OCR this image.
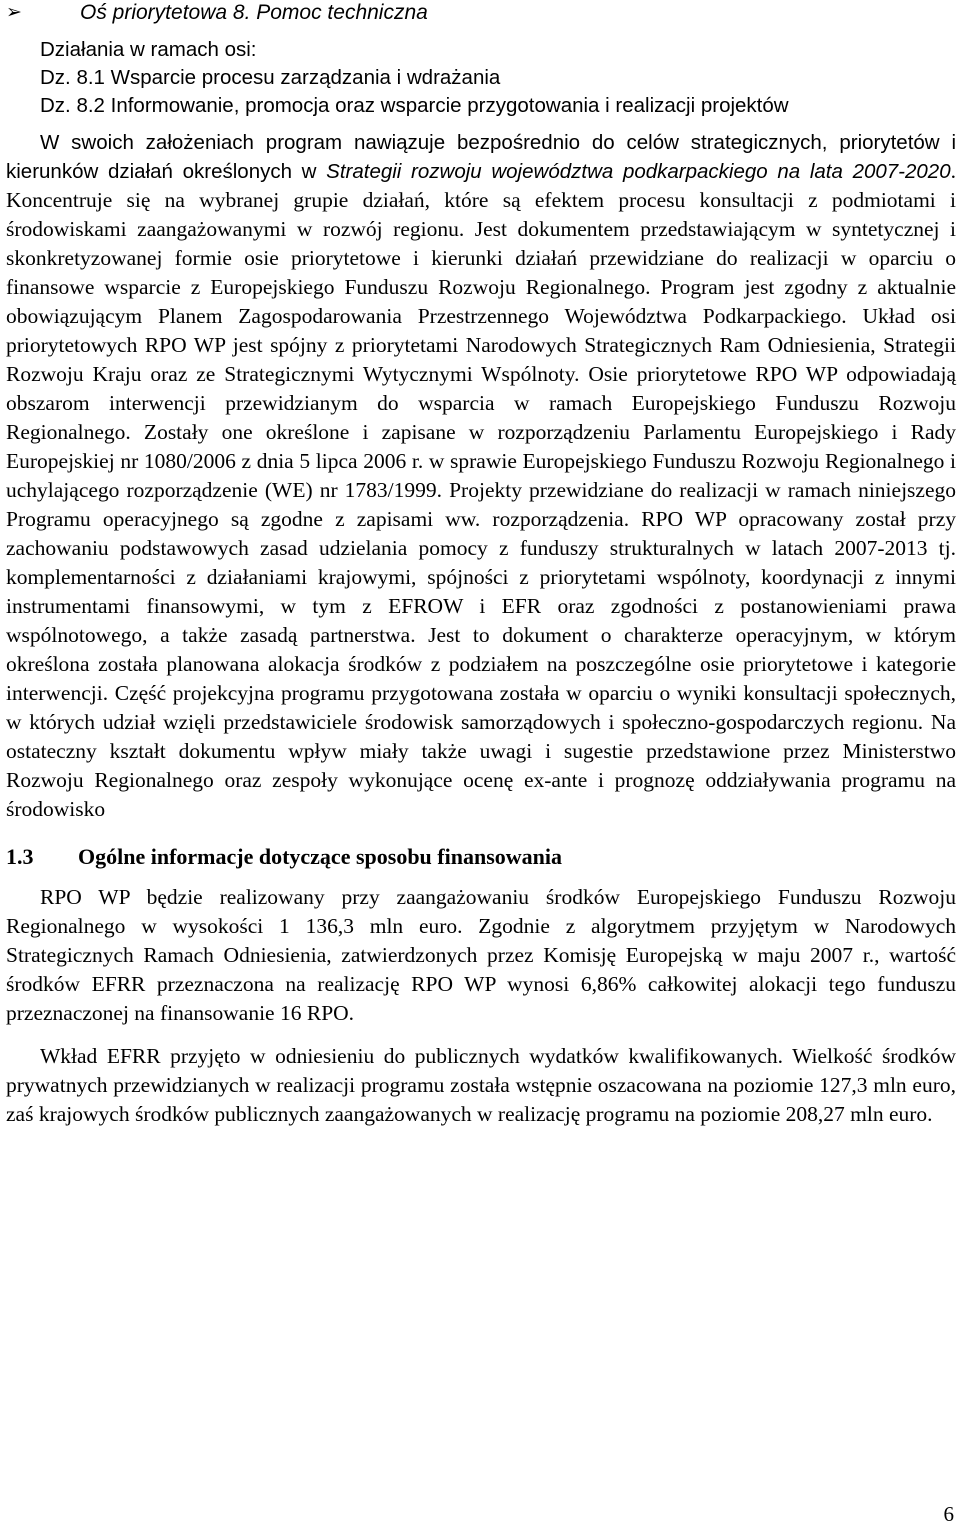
➢	Oś priorytetowa 8. Pomoc techniczna
Działania w ramach osi:
Dz. 8.1 Wsparcie procesu zarządzania i wdrażania
Dz. 8.2 Informowanie, promocja oraz wsparcie przygotowania i realizacji projektów

W swoich założeniach program nawiązuje bezpośrednio do celów strategicznych, priorytetów i kierunków działań określonych w Strategii rozwoju województwa podkarpackiego na lata 2007-2020. Koncentruje się na wybranej grupie działań, które są efektem procesu konsultacji z podmiotami i środowiskami zaangażowanymi w rozwój regionu. Jest dokumentem przedstawiającym w syntetycznej i skonkretyzowanej formie osie priorytetowe i kierunki działań przewidziane do realizacji w oparciu o finansowe wsparcie z Europejskiego Funduszu Rozwoju Regionalnego. Program jest zgodny z aktualnie obowiązującym Planem Zagospodarowania Przestrzennego Województwa Podkarpackiego. Układ osi priorytetowych RPO WP jest spójny z priorytetami Narodowych Strategicznych Ram Odniesienia, Strategii Rozwoju Kraju oraz ze Strategicznymi Wytycznymi Wspólnoty. Osie priorytetowe RPO WP odpowiadają obszarom interwencji przewidzianym do wsparcia w ramach Europejskiego Funduszu Rozwoju Regionalnego. Zostały one określone i zapisane w rozporządzeniu Parlamentu Europejskiego i Rady Europejskiej nr 1080/2006 z dnia 5 lipca 2006 r. w sprawie Europejskiego Funduszu Rozwoju Regionalnego i uchylającego rozporządzenie (WE) nr 1783/1999. Projekty przewidziane do realizacji w ramach niniejszego Programu operacyjnego są zgodne z zapisami ww. rozporządzenia. RPO WP opracowany został przy zachowaniu podstawowych zasad udzielania pomocy z funduszy strukturalnych w latach 2007-2013 tj. komplementarności z działaniami krajowymi, spójności z priorytetami wspólnoty, koordynacji z innymi instrumentami finansowymi, w tym z EFROW i EFR oraz zgodności z postanowieniami prawa wspólnotowego, a także zasadą partnerstwa. Jest to dokument o charakterze operacyjnym, w którym określona została planowana alokacja środków z podziałem na poszczególne osie priorytetowe i kategorie interwencji. Część projekcyjna programu przygotowana została w oparciu o wyniki konsultacji społecznych, w których udział wzięli przedstawiciele środowisk samorządowych i społeczno-gospodarczych regionu. Na ostateczny kształt dokumentu wpływ miały także uwagi i sugestie przedstawione przez Ministerstwo Rozwoju Regionalnego oraz zespoły wykonujące ocenę ex-ante i prognozę oddziaływania programu na środowisko

1.3 Ogólne informacje dotyczące sposobu finansowania

RPO WP będzie realizowany przy zaangażowaniu środków Europejskiego Funduszu Rozwoju Regionalnego w wysokości 1 136,3 mln euro. Zgodnie z algorytmem przyjętym w Narodowych Strategicznych Ramach Odniesienia, zatwierdzonych przez Komisję Europejską w maju 2007 r., wartość środków EFRR przeznaczona na realizację RPO WP wynosi 6,86% całkowitej alokacji tego funduszu przeznaczonej na finansowanie 16 RPO.

Wkład EFRR przyjęto w odniesieniu do publicznych wydatków kwalifikowanych. Wielkość środków prywatnych przewidzianych w realizacji programu została wstępnie oszacowana na poziomie 127,3 mln euro, zaś krajowych środków publicznych zaangażowanych w realizację programu na poziomie 208,27 mln euro.

6
